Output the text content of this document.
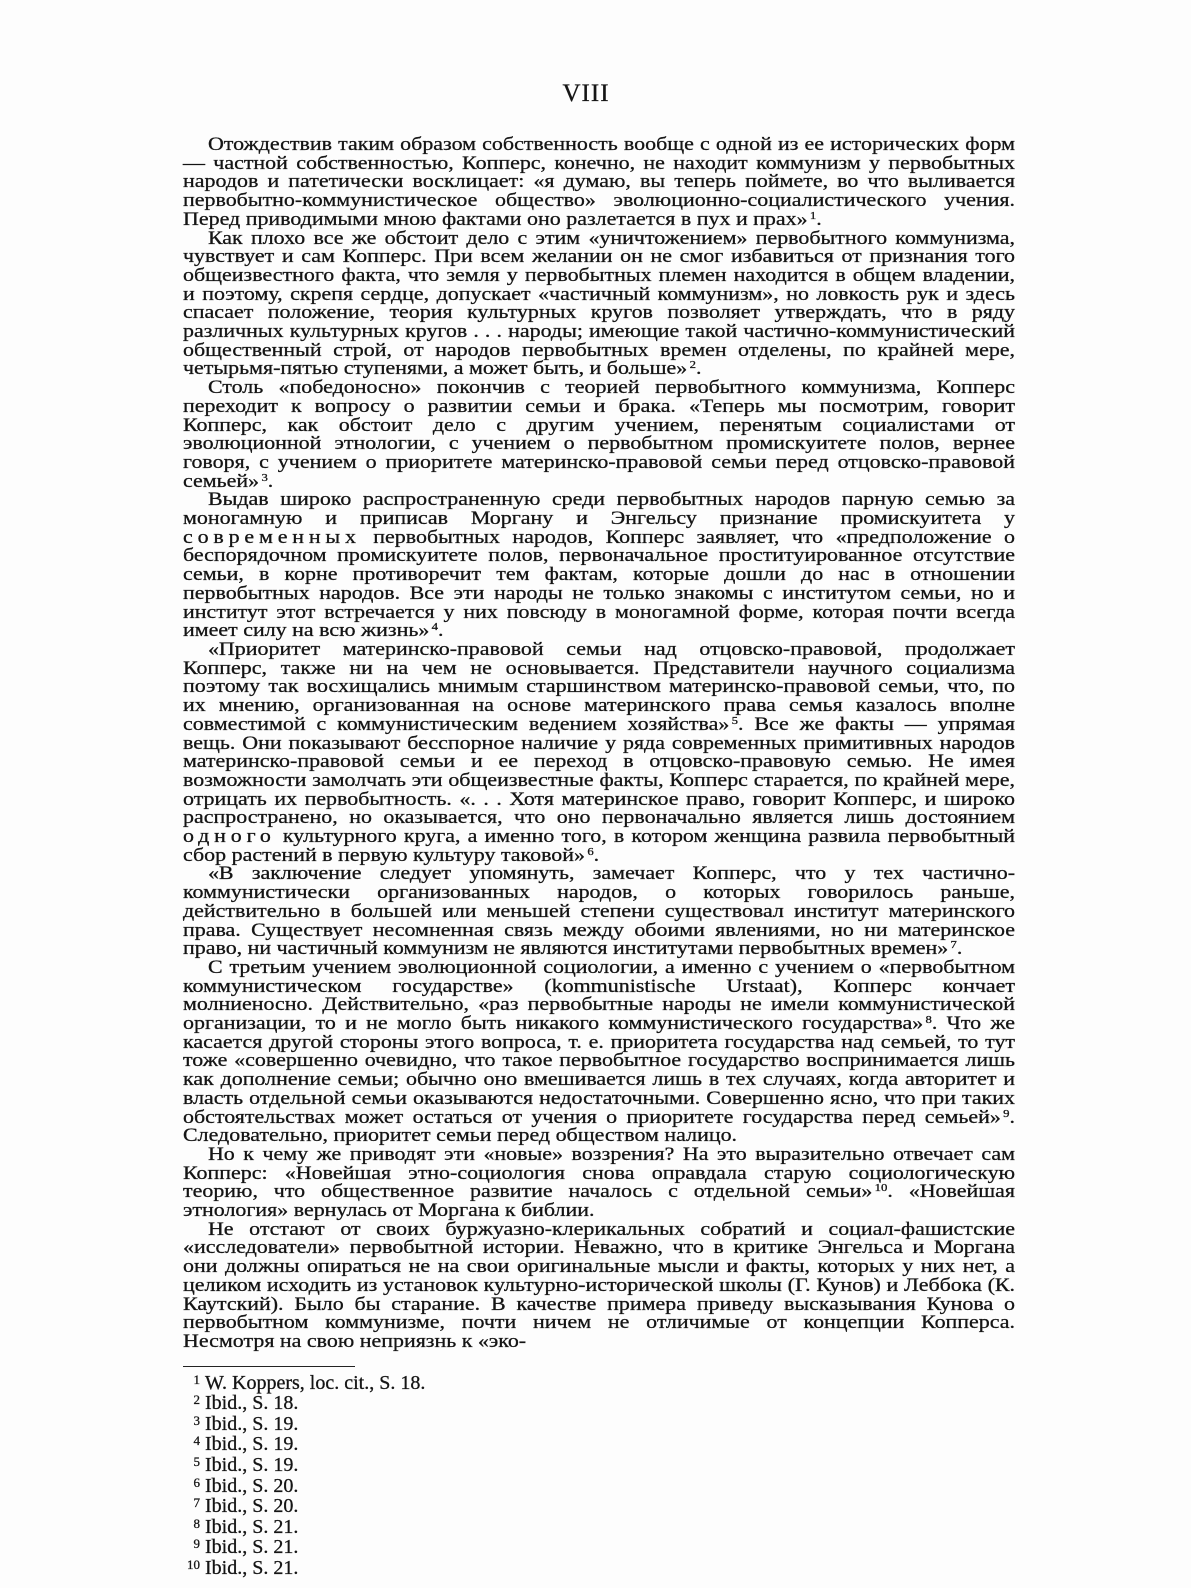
VIII

Отождествив таким образом собственность вообще с одной из ее исторических форм — частной собственностью, Копперс, конечно, не находит коммунизм у первобытных народов и патетически восклицает: «я думаю, вы теперь поймете, во что выливается первобытно-коммунистическое общество» эволюционно-социалистического учения. Перед приводимыми мною фактами оно разлетается в пух и прах» $^1$.

Как плохо все же обстоит дело с этим «уничтожением» первобытного коммунизма, чувствует и сам Копперс. При всем желании он не смог избавиться от признания того общеизвестного факта, что земля у первобытных племен находится в общем владении, и поэтому, скрепя сердце, допускает «частичный коммунизм», но ловкость рук и здесь спасает положение, теория культурных кругов позволяет утверждать, что в ряду различных культурных кругов . . . народы; имеющие такой частично-коммунистический общественный строй, от народов первобытных времен отделены, по крайней мере, четырьмя-пятью ступенями, а может быть, и больше» $^2$.

Столь «победоносно» покончив с теорией первобытного коммунизма, Копперс переходит к вопросу о развитии семьи и брака. «Теперь мы посмотрим, говорит Копперс, как обстоит дело с другим учением, перенятым социалистами от эволюционной этнологии, с учением о первобытном промискуитете полов, вернее говоря, с учением о приоритете материнско-правовой семьи перед отцовско-правовой семьей» $^3$.

Выдав широко распространенную среди первобытных народов парную семью за моногамную и приписав Моргану и Энгельсу признание промискуитета у современных первобытных народов, Копперс заявляет, что «предположение о беспорядочном промискуитете полов, первоначальное проституированное отсутствие семьи, в корне противоречит тем фактам, которые дошли до нас в отношении первобытных народов. Все эти народы не только знакомы с институтом семьи, но и институт этот встречается у них повсюду в моногамной форме, которая почти всегда имеет силу на всю жизнь» $^4$.

«Приоритет материнско-правовой семьи над отцовско-правовой, продолжает Копперс, также ни на чем не основывается. Представители научного социализма поэтому так восхищались мнимым старшинством материнско-правовой семьи, что, по их мнению, организованная на основе материнского права семья казалось вполне совместимой с коммунистическим ведением хозяйства» $^5$. Все же факты — упрямая вещь. Они показывают бесспорное наличие у ряда современных примитивных народов материнско-правовой семьи и ее переход в отцовско-правовую семью. Не имея возможности замолчать эти общеизвестные факты, Копперс старается, по крайней мере, отрицать их первобытность. «. . . Хотя материнское право, говорит Копперс, и широко распространено, но оказывается, что оно первоначально является лишь достоянием одного культурного круга, а именно того, в котором женщина развила первобытный сбор растений в первую культуру таковой» $^6$.

«В заключение следует упомянуть, замечает Копперс, что у тех частично-коммунистически организованных народов, о которых говорилось раньше, действительно в большей или меньшей степени существовал институт материнского права. Существует несомненная связь между обоими явлениями, но ни материнское право, ни частичный коммунизм не являются институтами первобытных времен» $^7$.

С третьим учением эволюционной социологии, а именно с учением о «первобытном коммунистическом государстве» (kommunistische Urstaat), Копперс кончает молниеносно. Действительно, «раз первобытные народы не имели коммунистической организации, то и не могло быть никакого коммунистического государства» $^8$. Что же касается другой стороны этого вопроса, т. е. приоритета государства над семьей, то тут тоже «совершенно очевидно, что такое первобытное государство воспринимается лишь как дополнение семьи; обычно оно вмешивается лишь в тех случаях, когда авторитет и власть отдельной семьи оказываются недостаточными. Совершенно ясно, что при таких обстоятельствах может остаться от учения о приоритете государства перед семьей» $^9$. Следовательно, приоритет семьи перед обществом налицо.

Но к чему же приводят эти «новые» воззрения? На это выразительно отвечает сам Копперс: «Новейшая этно-социология снова оправдала старую социологическую теорию, что общественное развитие началось с отдельной семьи» $^{10}$. «Новейшая этнология» вернулась от Моргана к библии.

Не отстают от своих буржуазно-клерикальных собратий и социал-фашистские «исследователи» первобытной истории. Неважно, что в критике Энгельса и Моргана они должны опираться не на свои оригинальные мысли и факты, которых у них нет, а целиком исходить из установок культурно-исторической школы (Г. Кунов) и Леббока (К. Каутский). Было бы старание. В качестве примера приведу высказывания Кунова о первобытном коммунизме, почти ничем не отличимые от концепции Копперса. Несмотря на свою неприязнь к «эко-

1 W. Koppers, loc. cit., S. 18.
2 Ibid., S. 18.
3 Ibid., S. 19.
4 Ibid., S. 19.
5 Ibid., S. 19.
6 Ibid., S. 20.
7 Ibid., S. 20.
8 Ibid., S. 21.
9 Ibid., S. 21.
10 Ibid., S. 21.
